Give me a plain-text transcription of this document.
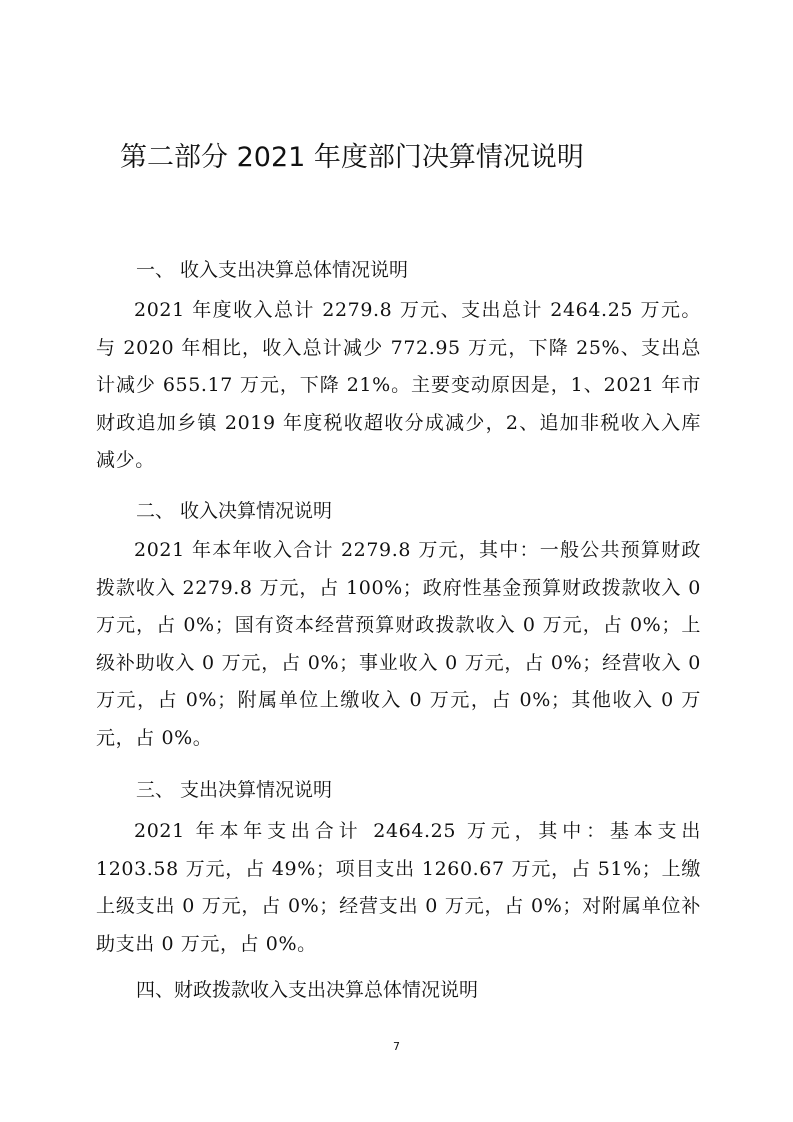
第二部分 2021 年度部门决算情况说明
一、 收入支出决算总体情况说明

2021 年度收入总计 2279.8 万元、支出总计 2464.25 万元。与 2020 年相比，收入总计减少 772.95 万元，下降 25%、支出总计减少 655.17 万元，下降 21%。主要变动原因是，1、2021 年市财政追加乡镇 2019 年度税收超收分成减少，2、追加非税收入入库减少。

二、 收入决算情况说明

2021 年本年收入合计 2279.8 万元，其中：一般公共预算财政拨款收入 2279.8 万元，占 100%；政府性基金预算财政拨款收入 0 万元，占 0%；国有资本经营预算财政拨款收入 0 万元，占 0%；上级补助收入 0 万元，占 0%；事业收入 0 万元，占 0%；经营收入 0 万元，占 0%；附属单位上缴收入 0 万元，占 0%；其他收入 0 万元，占 0%。

三、 支出决算情况说明

2021 年本年支出合计 2464.25 万元，其中：基本支出 1203.58 万元，占 49%；项目支出 1260.67 万元，占 51%；上缴上级支出 0 万元，占 0%；经营支出 0 万元，占 0%；对附属单位补助支出 0 万元，占 0%。

四、财政拨款收入支出决算总体情况说明
7
